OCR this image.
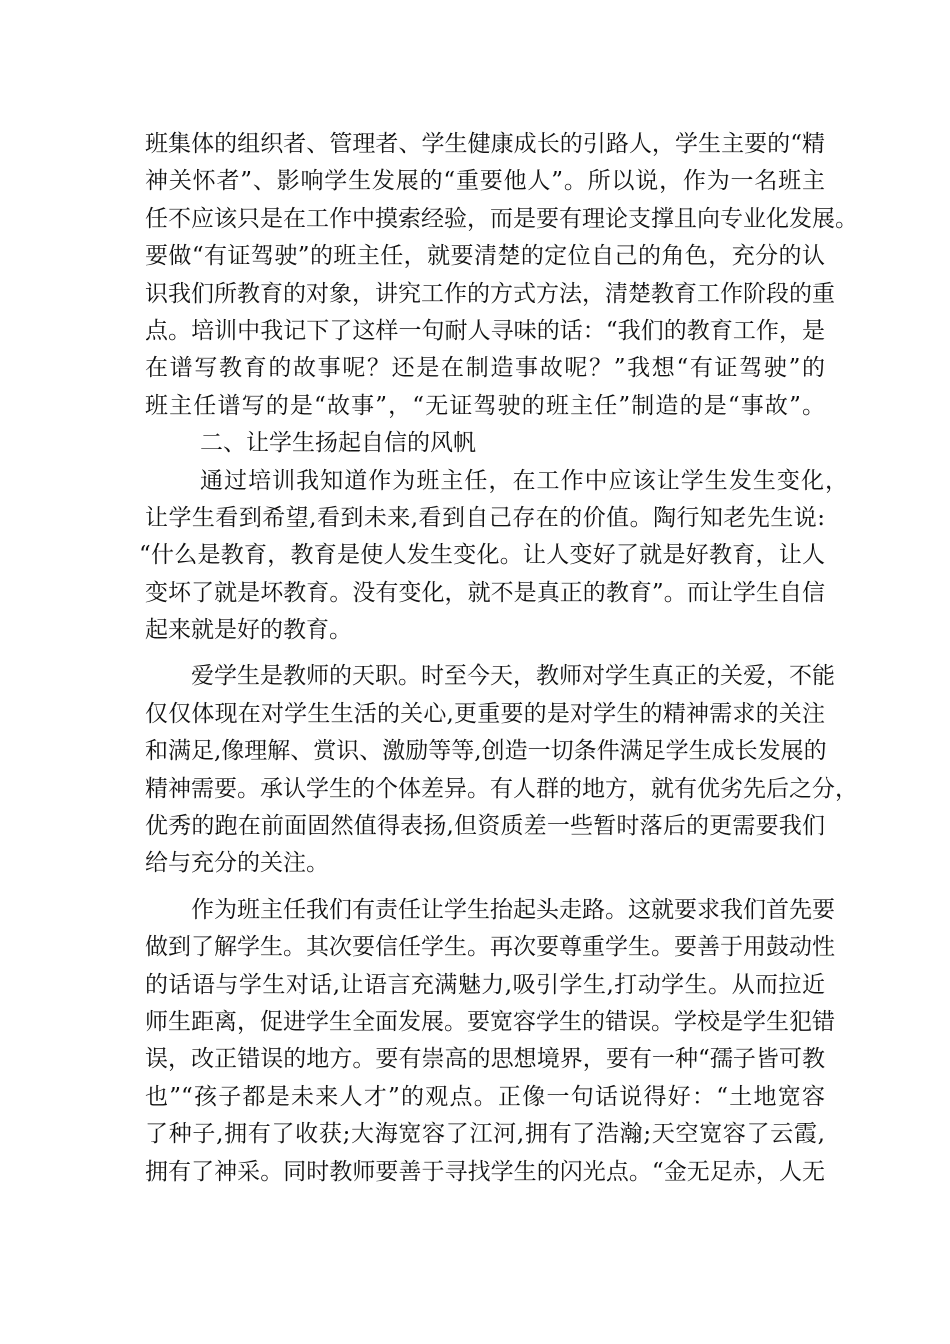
班集体的组织者、管理者、学生健康成长的引路人，学生主要的“精

神关怀者”、影响学生发展的“重要他人”。所以说，作为一名班主

任不应该只是在工作中摸索经验，而是要有理论支撑且向专业化发展。

要做“有证驾驶”的班主任，就要清楚的定位自己的角色，充分的认

识我们所教育的对象，讲究工作的方式方法，清楚教育工作阶段的重

点。培训中我记下了这样一句耐人寻味的话：“我们的教育工作，是

在谱写教育的故事呢？还是在制造事故呢？”我想“有证驾驶”的

班主任谱写的是“故事”，“无证驾驶的班主任”制造的是“事故”。

二、让学生扬起自信的风帆

通过培训我知道作为班主任，在工作中应该让学生发生变化，

让学生看到希望,看到未来,看到自己存在的价值。陶行知老先生说:

“什么是教育，教育是使人发生变化。让人变好了就是好教育，让人

变坏了就是坏教育。没有变化，就不是真正的教育”。而让学生自信

起来就是好的教育。

爱学生是教师的天职。时至今天，教师对学生真正的关爱，不能

仅仅体现在对学生生活的关心,更重要的是对学生的精神需求的关注

和满足,像理解、赏识、激励等等,创造一切条件满足学生成长发展的

精神需要。承认学生的个体差异。有人群的地方，就有优劣先后之分，

优秀的跑在前面固然值得表扬,但资质差一些暂时落后的更需要我们

给与充分的关注。

作为班主任我们有责任让学生抬起头走路。这就要求我们首先要

做到了解学生。其次要信任学生。再次要尊重学生。要善于用鼓动性

的话语与学生对话,让语言充满魅力,吸引学生,打动学生。从而拉近

师生距离，促进学生全面发展。要宽容学生的错误。学校是学生犯错

误，改正错误的地方。要有崇高的思想境界，要有一种“孺子皆可教

也”“孩子都是未来人才”的观点。正像一句话说得好：“土地宽容

了种子,拥有了收获;大海宽容了江河,拥有了浩瀚;天空宽容了云霞,

拥有了神采。同时教师要善于寻找学生的闪光点。“金无足赤，人无
